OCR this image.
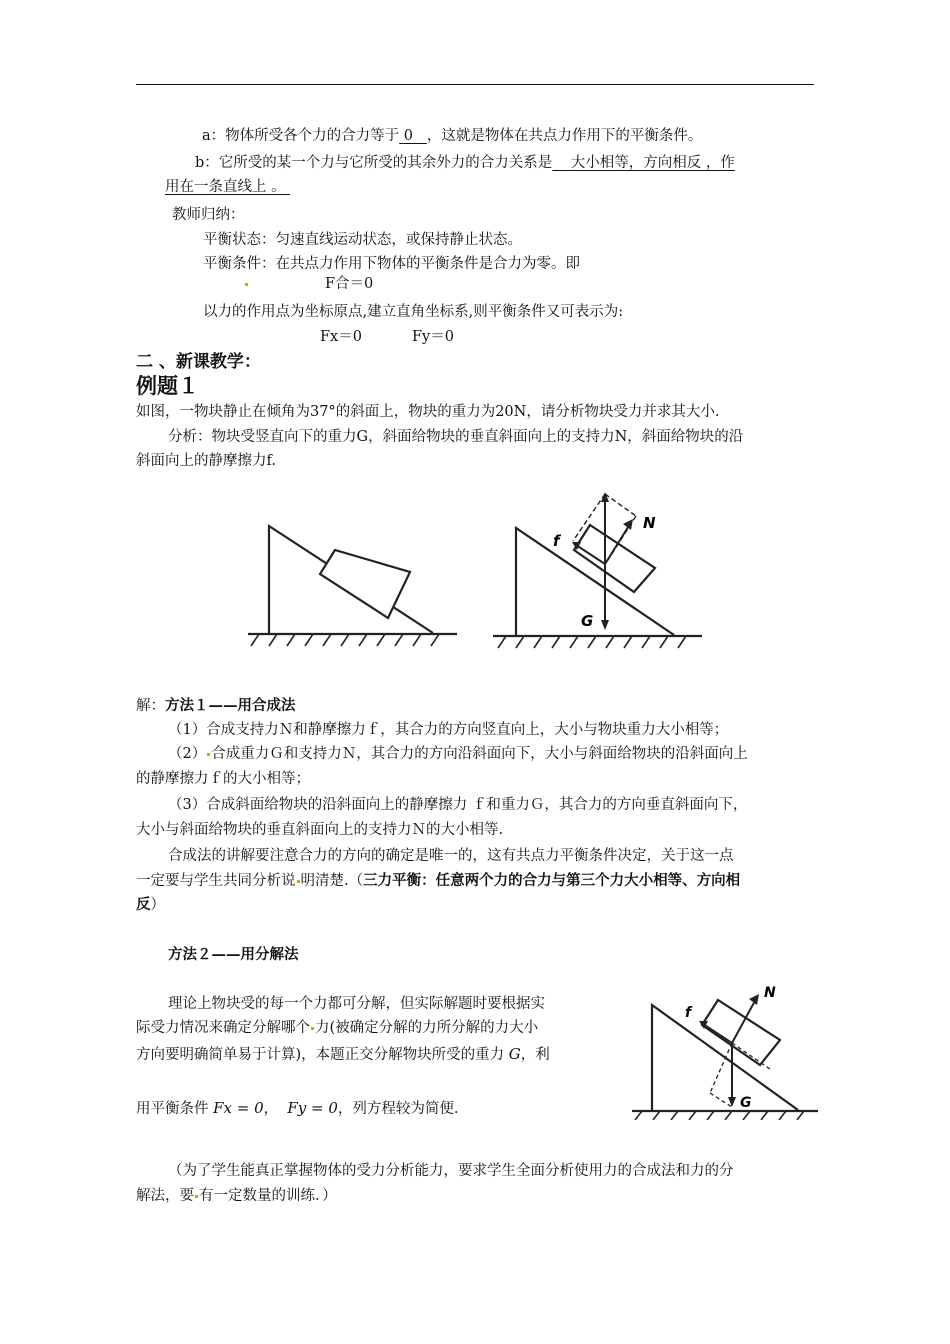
a：物体所受各个力的合力等于 0 ，这就是物体在共点力作用下的平衡条件。
b：它所受的某一个力与它所受的其余外力的合力关系是 大小相等，方向相反 ，作
用在一条直线上 。
教师归纳：
平衡状态：匀速直线运动状态，或保持静止状态。
平衡条件：在共点力作用下物体的平衡条件是合力为零。即
F合＝0
以力的作用点为坐标原点,建立直角坐标系,则平衡条件又可表示为:
Fx＝0	Fy＝0
二 、新课教学：
例题１
如图，一物块静止在倾角为37°的斜面上，物块的重力为20N，请分析物块受力并求其大小.
分析：物块受竖直向下的重力G，斜面给物块的垂直斜面向上的支持力N，斜面给物块的沿
斜面向上的静摩擦力f.
f
N
G
解：方法１——用合成法
（1）合成支持力Ｎ和静摩擦力ｆ，其合力的方向竖直向上，大小与物块重力大小相等；
（2） 合成重力Ｇ和支持力Ｎ，其合力的方向沿斜面向下，大小与斜面给物块的沿斜面向上
的静摩擦力ｆ的大小相等；
（3）合成斜面给物块的沿斜面向上的静摩擦力 ｆ和重力Ｇ，其合力的方向垂直斜面向下，
大小与斜面给物块的垂直斜面向上的支持力Ｎ的大小相等.
合成法的讲解要注意合力的方向的确定是唯一的，这有共点力平衡条件决定，关于这一点
一定要与学生共同分析说 明清楚.（三力平衡：任意两个力的合力与第三个力大小相等、方向相
反）
方法２——用分解法
理论上物块受的每一个力都可分解，但实际解题时要根据实
际受力情况来确定分解哪个 力(被确定分解的力所分解的力大小
方向要明确简单易于计算)，本题正交分解物块所受的重力 G，利
用平衡条件 Fx = 0， Fy = 0，列方程较为简便.
f
N
G
（为了学生能真正掌握物体的受力分析能力，要求学生全面分析使用力的合成法和力的分
解法，要 有一定数量的训练．）
